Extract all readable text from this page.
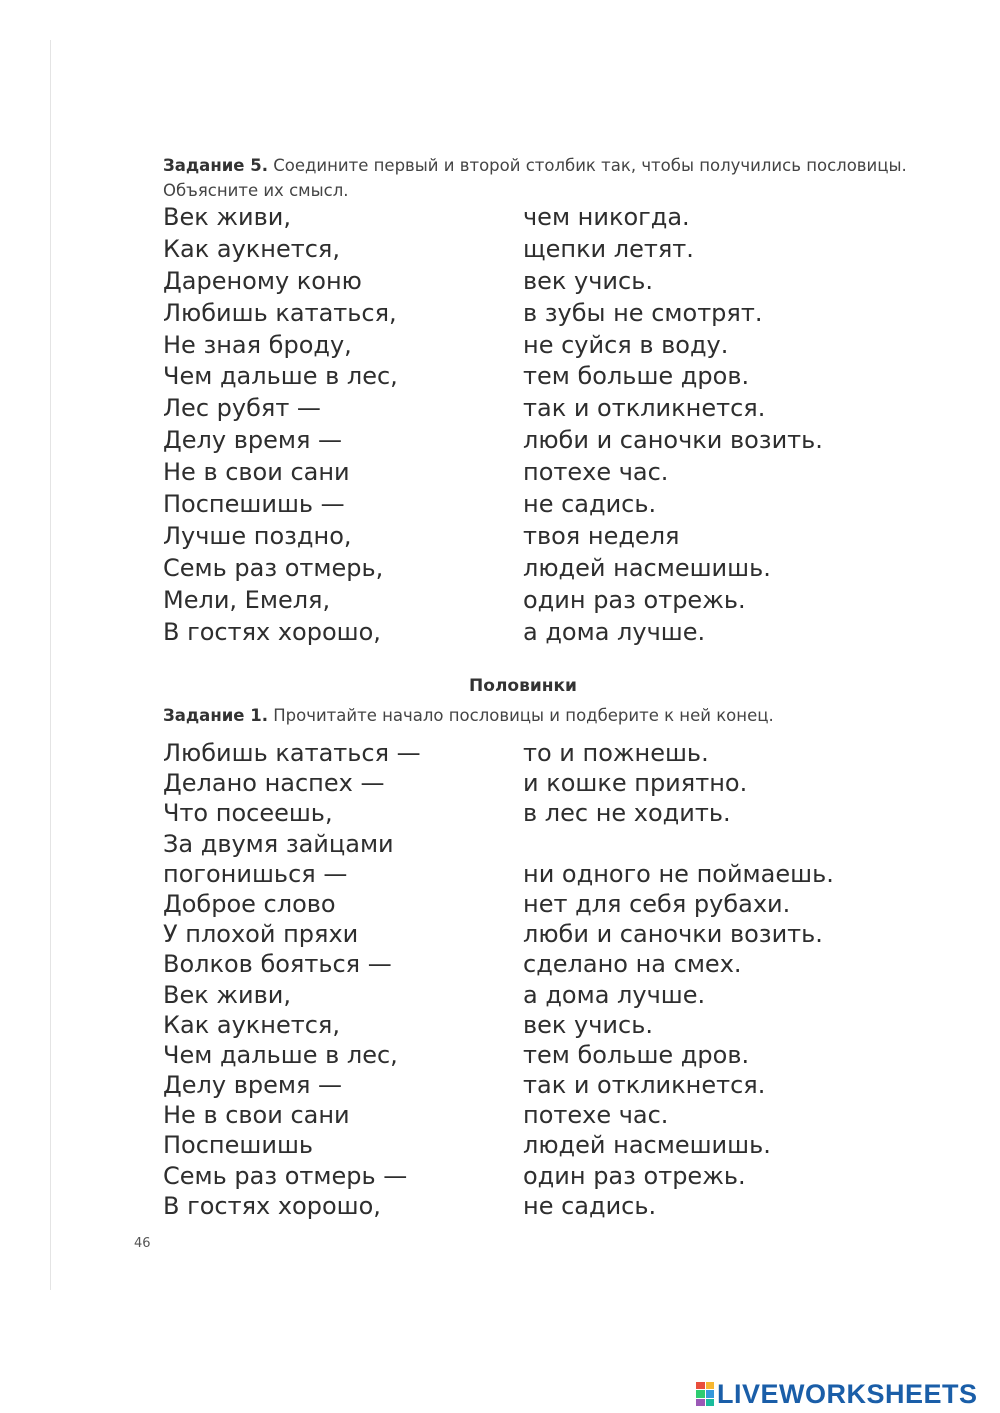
Задание 5. Соедините первый и второй столбик так, чтобы получились пословицы.
Объясните их смысл.
Век живи,
Как аукнется,
Дареному коню
Любишь кататься,
Не зная броду,
Чем дальше в лес,
Лес рубят —
Делу время —
Не в свои сани
Поспешишь —
Лучше поздно,
Семь раз отмерь,
Мели, Емеля,
В гостях хорошо,
чем никогда.
щепки летят.
век учись.
в зубы не смотрят.
не суйся в воду.
тем больше дров.
так и откликнется.
люби и саночки возить.
потехе час.
не садись.
твоя неделя
людей насмешишь.
один раз отрежь.
а дома лучше.
Половинки
Задание 1. Прочитайте начало пословицы и подберите к ней конец.
Любишь кататься —
Делано наспех —
Что посеешь,
За двумя зайцами
погонишься —
Доброе слово
У плохой пряхи
Волков бояться —
Век живи,
Как аукнется,
Чем дальше в лес,
Делу время —
Не в свои сани
Поспешишь
Семь раз отмерь —
В гостях хорошо,
то и пожнешь.
и кошке приятно.
в лес не ходить.
ни одного не поймаешь.
нет для себя рубахи.
люби и саночки возить.
сделано на смех.
а дома лучше.
век учись.
тем больше дров.
так и откликнется.
потехе час.
людей насмешишь.
один раз отрежь.
не садись.
46
LIVEWORKSHEETS
